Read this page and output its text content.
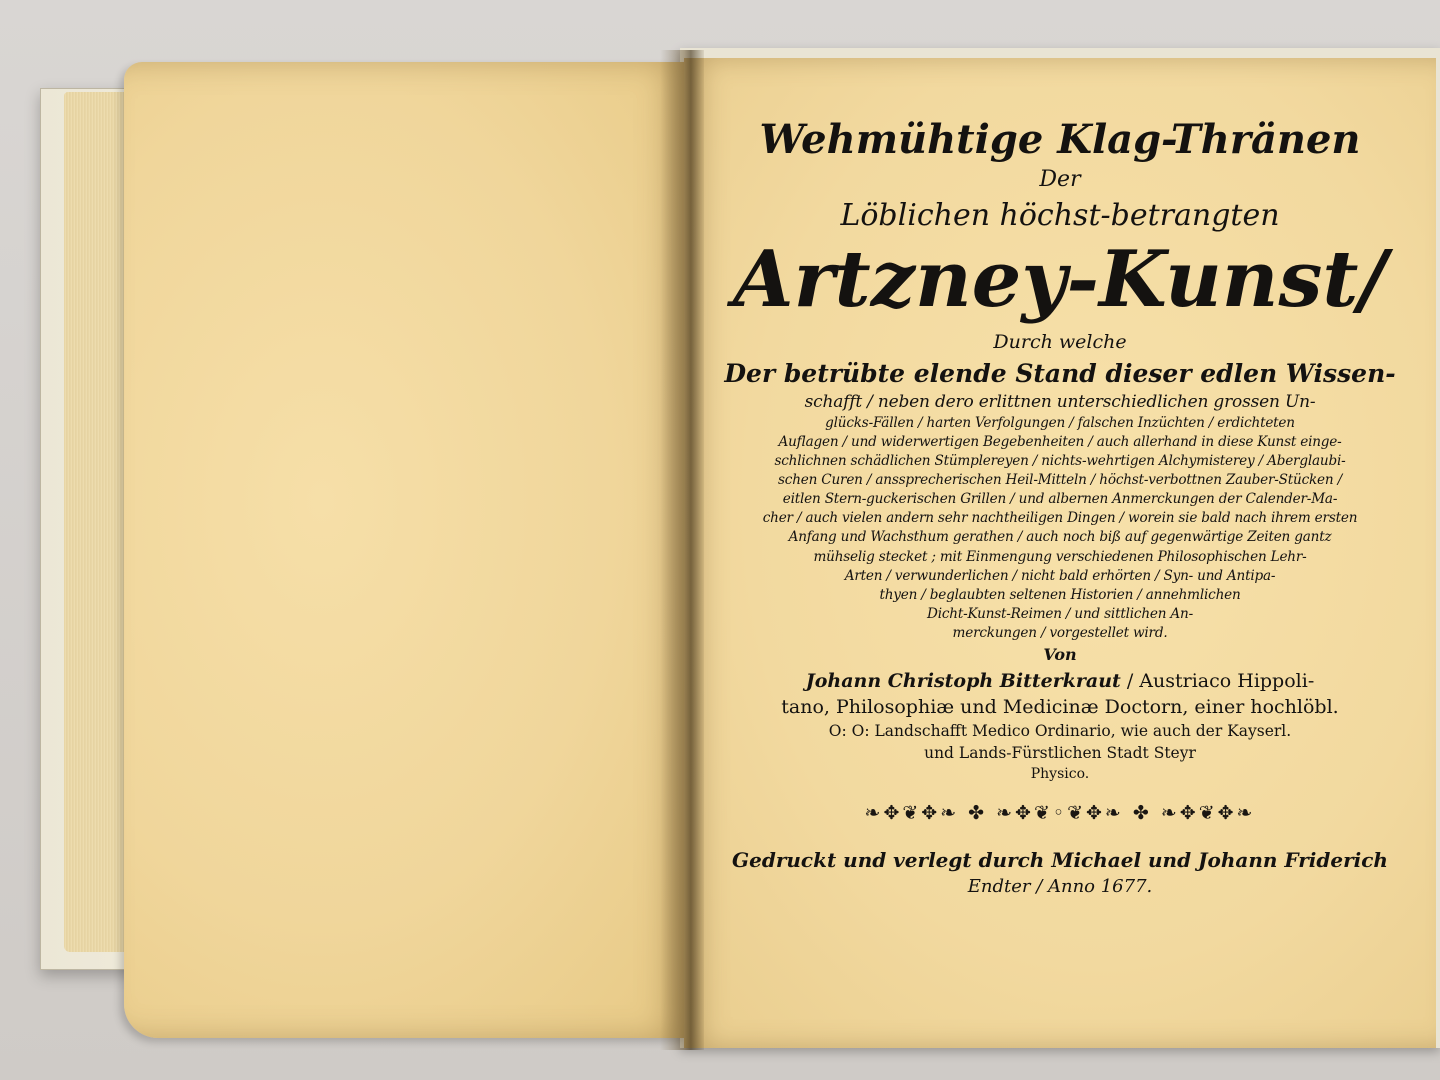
Wehmühtige Klag-Thränen
Der
Löblichen höchst-betrangten
Artzney-Kunst/
Durch welche
Der betrübte elende Stand dieser edlen Wissen-
schafft / neben dero erlittnen unterschiedlichen grossen Un-
glücks-Fällen / harten Verfolgungen / falschen Inzüchten / erdichteten
Auflagen / und widerwertigen Begebenheiten / auch allerhand in diese Kunst einge-
schlichnen schädlichen Stümplereyen / nichts-wehrtigen Alchymisterey / Aberglaubi-
schen Curen / anssprecherischen Heil-Mitteln / höchst-verbottnen Zauber-Stücken /
eitlen Stern-guckerischen Grillen / und albernen Anmerckungen der Calender-Ma-
cher / auch vielen andern sehr nachtheiligen Dingen / worein sie bald nach ihrem ersten
Anfang und Wachsthum gerathen / auch noch biß auf gegenwärtige Zeiten gantz
mühselig stecket ; mit Einmengung verschiedenen Philosophischen Lehr-
Arten / verwunderlichen / nicht bald erhörten / Syn- und Antipa-
thyen / beglaubten seltenen Historien / annehmlichen
Dicht-Kunst-Reimen / und sittlichen An-
merckungen / vorgestellet wird.
Von
Johann Christoph Bitterkraut / Austriaco Hippoli-
tano, Philosophiæ und Medicinæ Doctorn, einer hochlöbl.
O: O: Landschafft Medico Ordinario, wie auch der Kayserl.
und Lands-Fürstlichen Stadt Steyr
Physico.
❧✥❦✥❧ ✤ ❧✥❦◦❦✥❧ ✤ ❧✥❦✥❧
Gedruckt und verlegt durch Michael und Johann Friderich
Endter / Anno 1677.
